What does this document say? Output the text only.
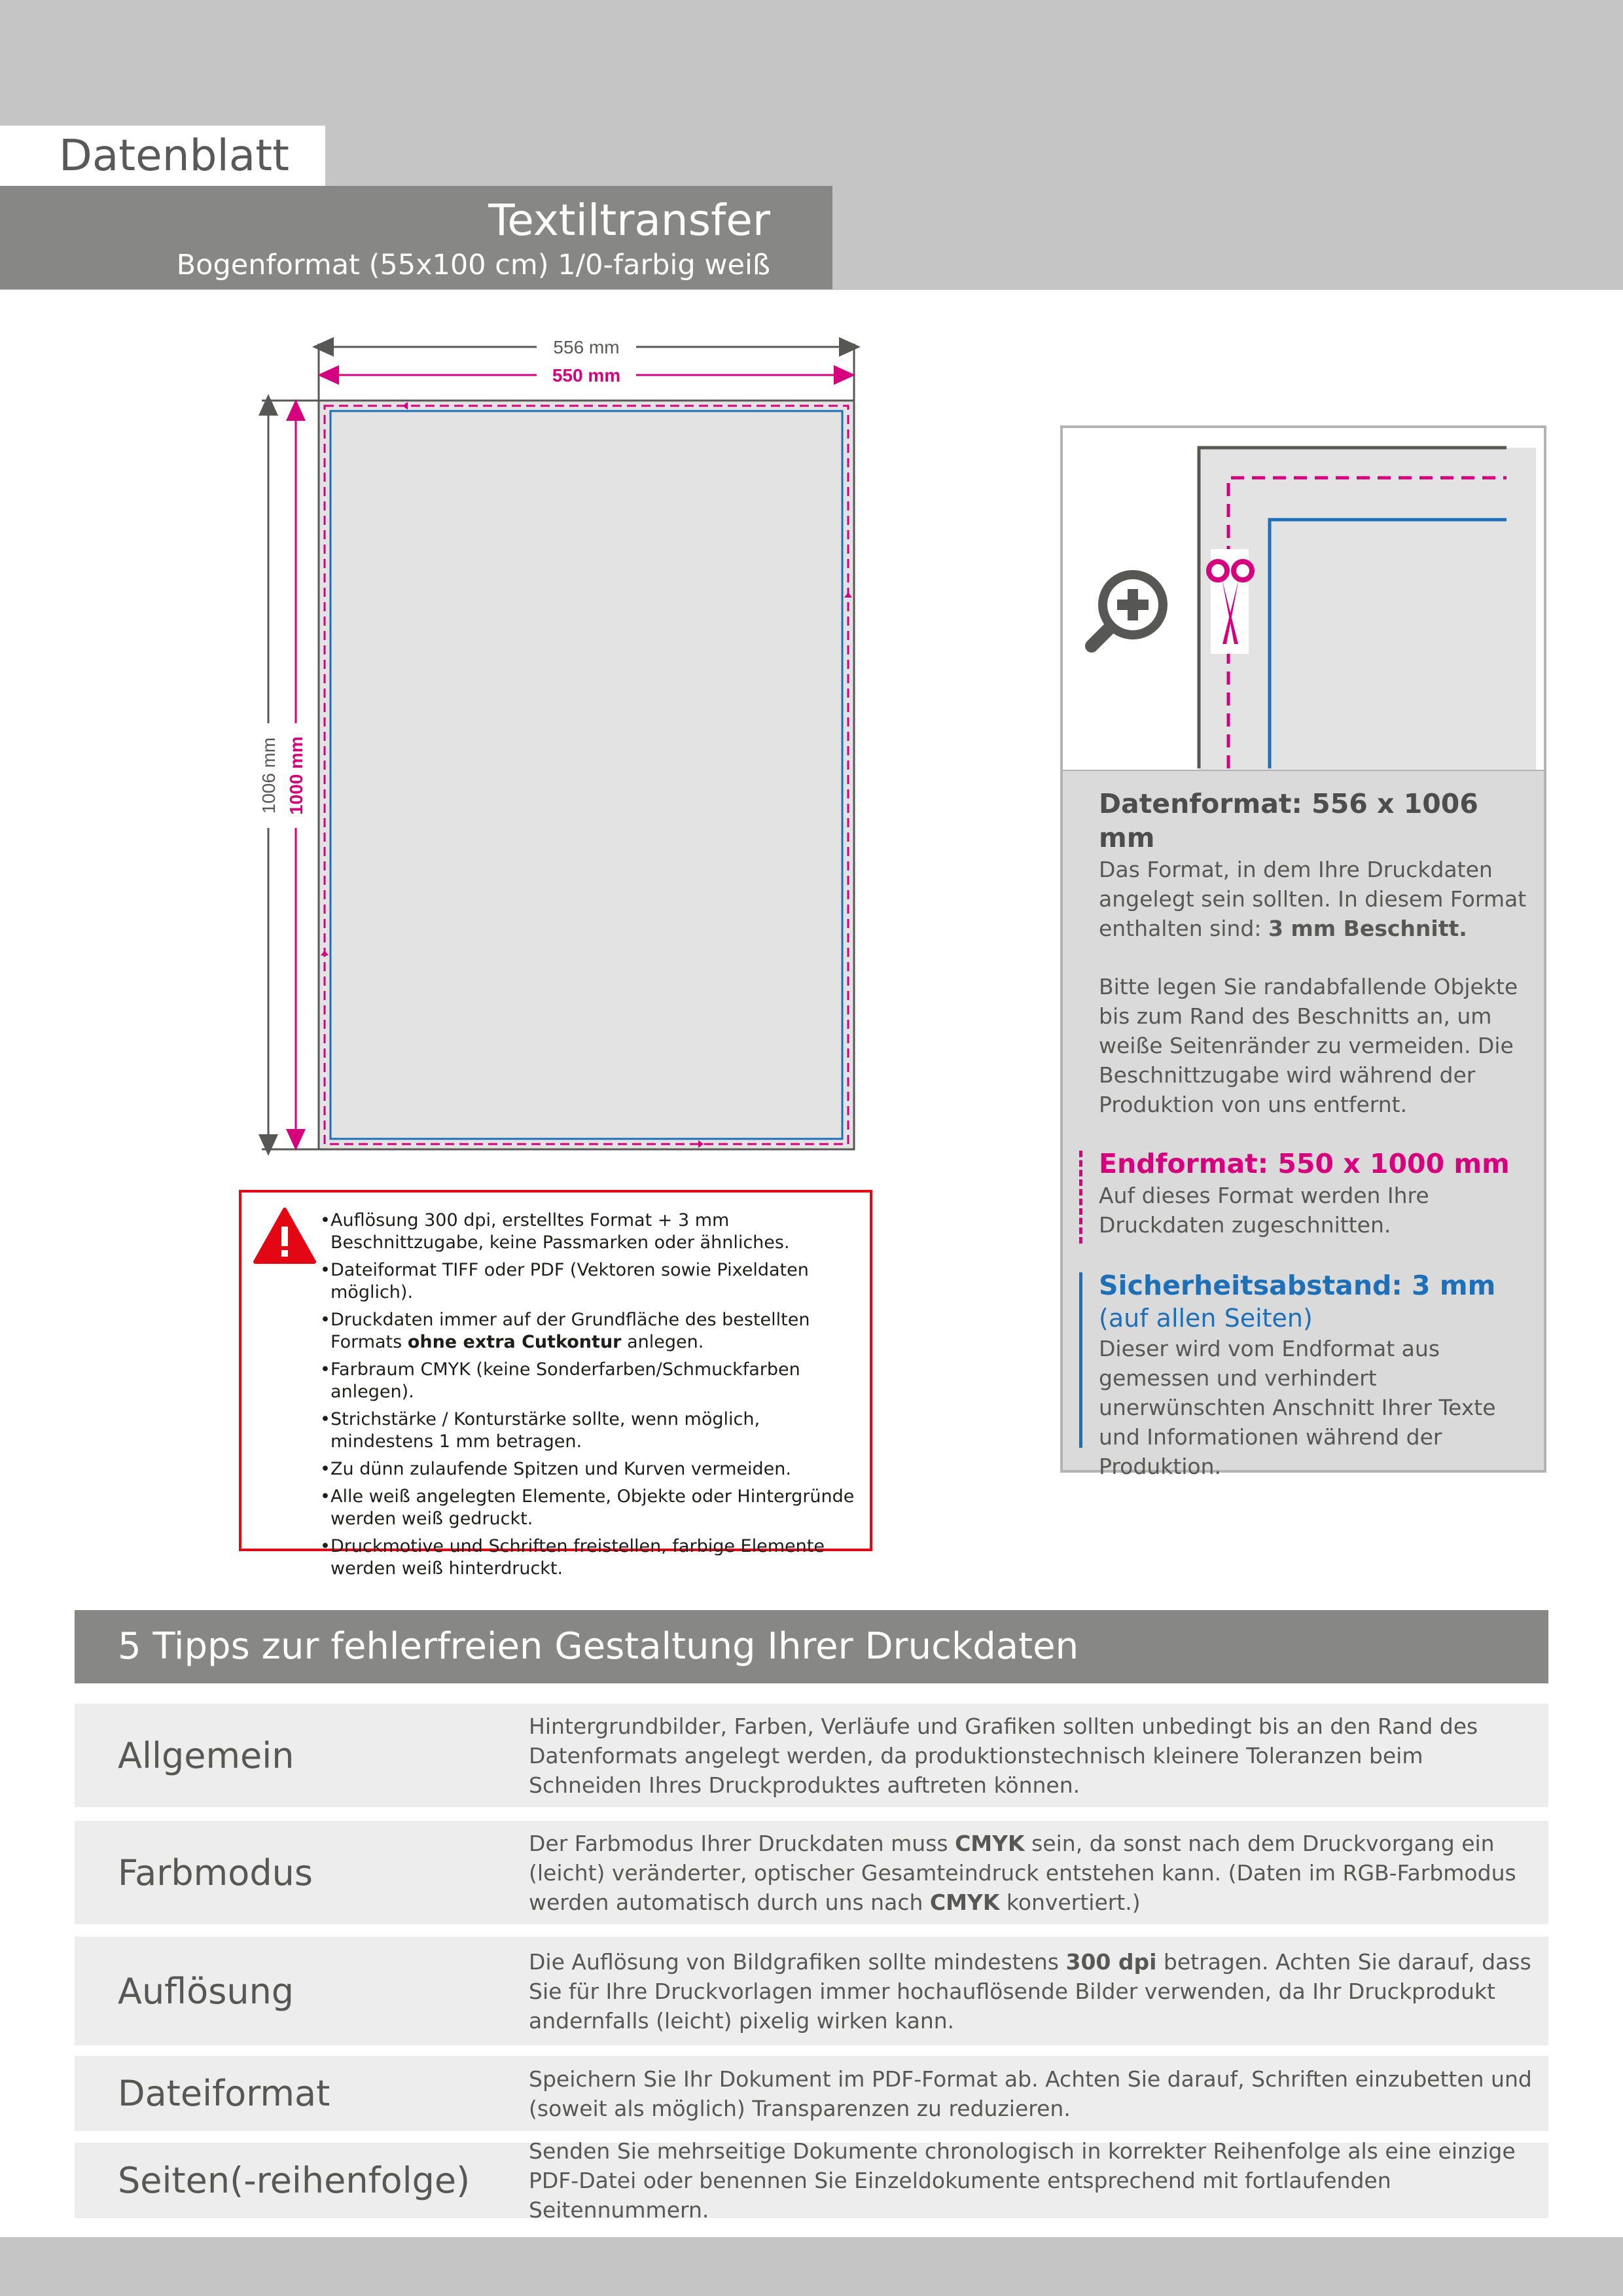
Datenblatt
Textiltransfer
Bogenformat (55x100 cm) 1/0-farbig weiß
556 mm
550 mm
1006 mm 1000 mm	Datenformat: 556 x 1006 mm
Das Format, in dem Ihre Druckdaten angelegt sein sollten. In diesem Format enthalten sind: 3 mm Beschnitt.
Bitte legen Sie randabfallende Objekte bis zum Rand des Beschnitts an, um weiße Seitenränder zu vermeiden. Die Beschnittzugabe wird während der Produktion von uns entfernt.
Endformat: 550 x 1000 mm
Auf dieses Format werden Ihre Druckdaten zugeschnitten.
Sicherheitsabstand: 3 mm
(auf allen Seiten)
Dieser wird vom Endformat aus gemessen und verhindert unerwünschten Anschnitt Ihrer Texte und Informationen während der Produktion.
• Auflösung 300 dpi, erstelltes Format + 3 mm Beschnittzugabe, keine Passmarken oder ähnliches.
• Dateiformat TIFF oder PDF (Vektoren sowie Pixeldaten möglich).
• Druckdaten immer auf der Grundfläche des bestellten Formats ohne extra Cutkontur anlegen.
• Farbraum CMYK (keine Sonderfarben/Schmuckfarben anlegen).
• Strichstärke / Konturstärke sollte, wenn möglich, mindestens 1 mm betragen.
• Zu dünn zulaufende Spitzen und Kurven vermeiden.
• Alle weiß angelegten Elemente, Objekte oder Hintergründe werden weiß gedruckt.
• Druckmotive und Schriften freistellen, farbige Elemente werden weiß hinterdruckt.
5 Tipps zur fehlerfreien Gestaltung Ihrer Druckdaten
Allgemein
Hintergrundbilder, Farben, Verläufe und Grafiken sollten unbedingt bis an den Rand des Datenformats angelegt werden, da produktionstechnisch kleinere Toleranzen beim Schneiden Ihres Druckproduktes auftreten können.
Farbmodus
Der Farbmodus Ihrer Druckdaten muss CMYK sein, da sonst nach dem Druckvorgang ein (leicht) veränderter, optischer Gesamteindruck entstehen kann. (Daten im RGB-Farbmodus werden automatisch durch uns nach CMYK konvertiert.)
Auflösung
Die Auflösung von Bildgrafiken sollte mindestens 300 dpi betragen. Achten Sie darauf, dass Sie für Ihre Druckvorlagen immer hochauflösende Bilder verwenden, da Ihr Druckprodukt andernfalls (leicht) pixelig wirken kann.
Dateiformat	Speichern Sie Ihr Dokument im PDF-Format ab. Achten Sie darauf, Schriften einzubetten und (soweit als möglich) Transparenzen zu reduzieren.
Seiten(-reihenfolge)
Senden Sie mehrseitige Dokumente chronologisch in korrekter Reihenfolge als eine einzige PDF-Datei oder benennen Sie Einzeldokumente entsprechend mit fortlaufenden Seitennummern.
